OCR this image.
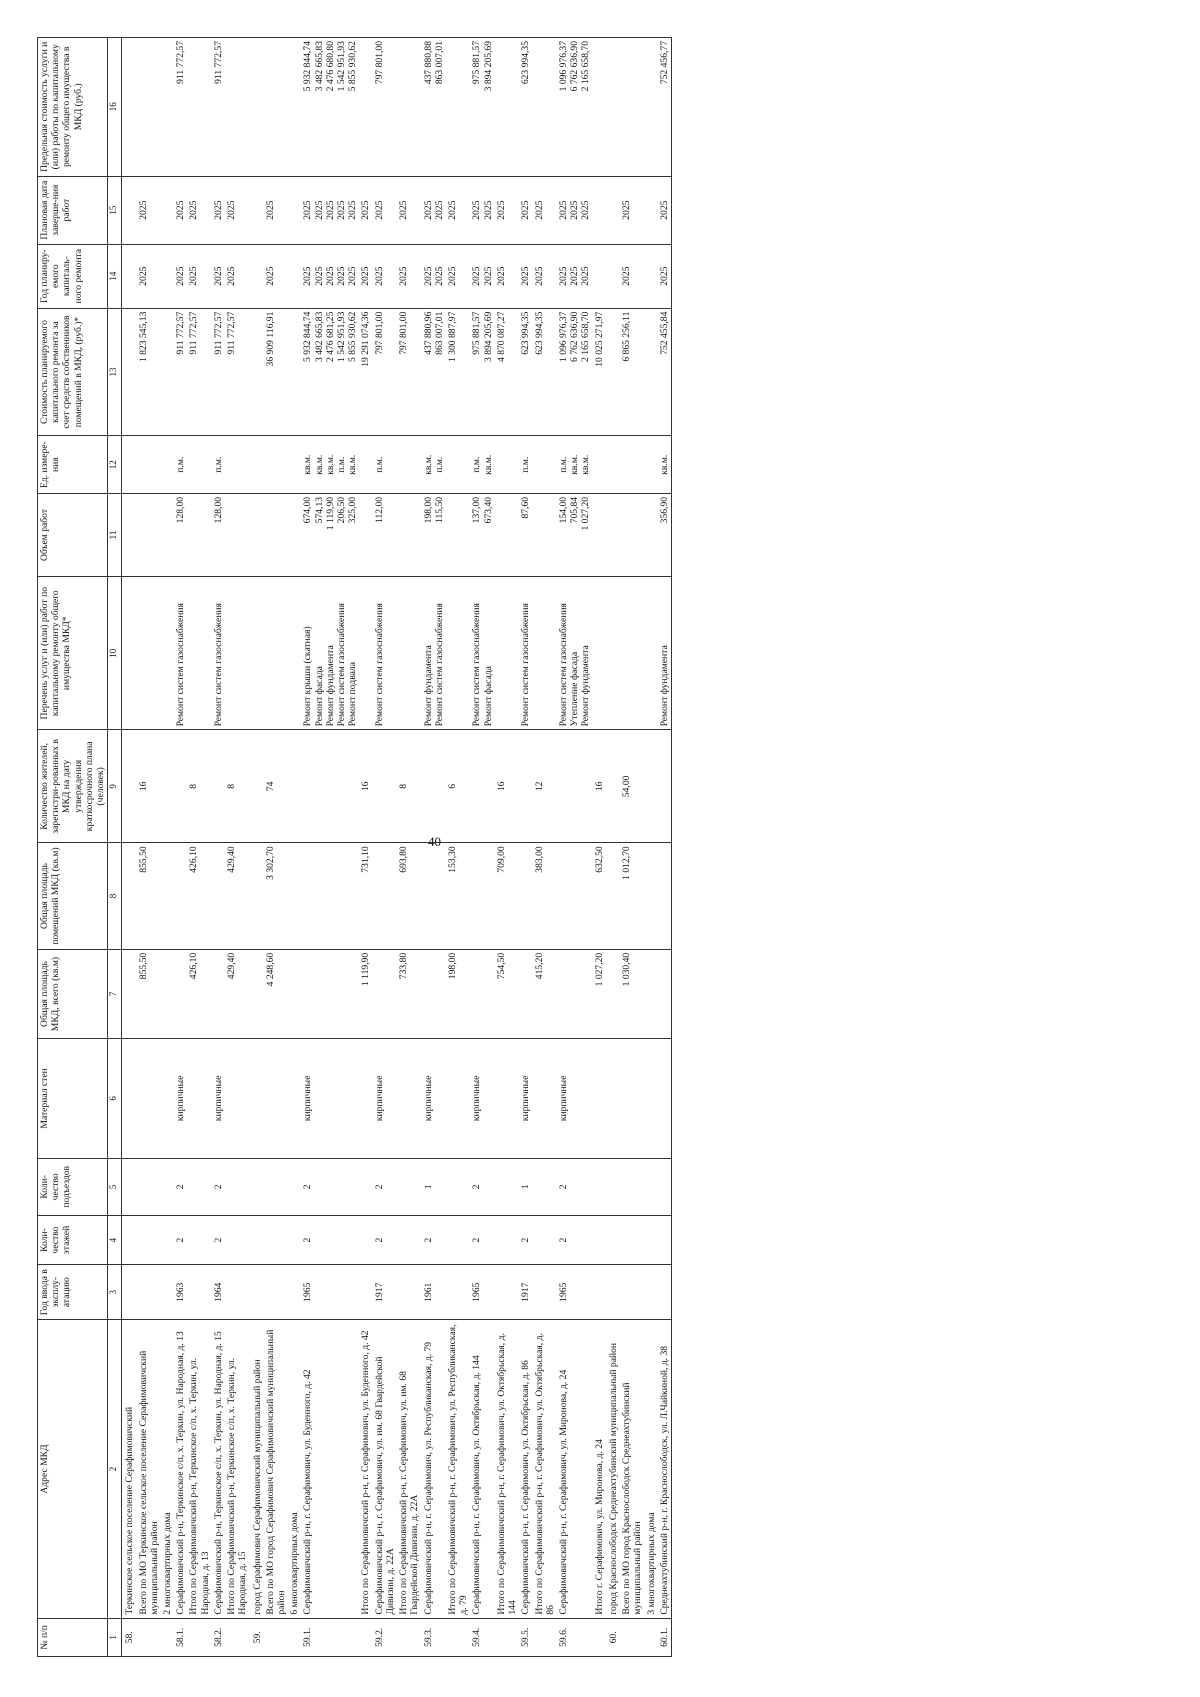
40
№ п/п	Адрес МКД	Год ввода в эксплу-атацию	Коли-чество этажей	Коли-чество подъездов	Материал стен	Общая площадь МКД, всего (кв.м)	Общая площадь помещений МКД (кв.м)	Количество жителей, зарегистри-рованных в МКД на дату утверждения краткосрочного плана (человек)	Перечень услуг и (или) работ по капитальному ремонту общего имущества МКД*	Объем работ	Ед. измере-ния	Стоимость планируемого капитального ремонта за счет средств собственников помещений в МКД, (руб.)*	Год планиру-емого капиталь-ного ремонта	Плановая дата заверше-ния работ	Предельная стоимость услуги и (или) работы по капитальному ремонту общего имущества в МКД (руб.)
1	2	3	4	5	6	7	8	9	10	11	12	13	14	15	16
58.	Теркинское сельское поселение Серафимовичский														
	Всего по МО Теркинское сельское поселение Серафимовичский муниципальный район					855,50	855,50	16				1 823 545,13	2025	2025	
	2 многоквартирных дома														
58.1.	Серафимовичский р-н, Теркинское с/п, х. Теркин, ул. Народная, д. 13	1963	2	2	кирпичные				Ремонт систем газоснабжения	128,00	п.м.	911 772,57	2025	2025	911 772,57

	Итого по Серафимовичский р-н, Теркинское с/п, х. Теркин, ул. Народная, д. 13					426,10	426,10	8				911 772,57	2025	2025	
58.2.	Серафимовичский р-н, Теркинское с/п, х. Теркин, ул. Народная, д. 15	1964	2	2	кирпичные				Ремонт систем газоснабжения	128,00	п.м.	911 772,57	2025	2025	911 772,57

	Итого по Серафимовичский р-н, Теркинское с/п, х. Теркин, ул. Народная, д. 15					429,40	429,40	8				911 772,57	2025	2025	
59.	город Серафимович Серафимовичский муниципальный район														
	Всего по МО город Серафимович Серафимовичский муниципальный район					4 248,60	3 302,70	74				36 909 116,91	2025	2025	
	6 многоквартирных дома														
59.1.	Серафимовичский р-н, г. Серафимович, ул. Буденного, д. 42	1965	2	2	кирпичные				Ремонт крыши (скатная) Ремонт фасада Ремонт фундамента Ремонт систем газоснабжения Ремонт подвала	674,00 574,13 1 119,90 206,50 325,00	кв.м. кв.м. кв.м. п.м. кв.м.	5 932 844,74 3 482 665,83 2 476 681,25 1 542 951,93 5 855 930,62	2025 2025 2025 2025 2025	2025 2025 2025 2025 2025	5 932 844,74 3 482 665,83 2 476 680,80 1 542 951,93 5 855 930,62

	Итого по Серафимовичский р-н, г. Серафимович, ул. Буденного, д. 42					1 119,90	731,10	16				19 291 074,36	2025	2025	
59.2.	Серафимовичский р-н, г. Серафимович, ул. им. 68 Гвардейской Дивизии, д. 22А	1917	2	2	кирпичные				Ремонт систем газоснабжения	112,00	п.м.	797 801,00	2025	2025	797 801,00

	Итого по Серафимовичский р-н, г. Серафимович, ул. им. 68 Гвардейской Дивизии, д. 22А					733,80	693,80	8				797 801,00	2025	2025	
59.3.	Серафимовичский р-н, г. Серафимович, ул. Республиканская, д. 79	1961	2	1	кирпичные				Ремонт фундамента Ремонт систем газоснабжения	198,00 115,50	кв.м. п.м.	437 880,96 863 007,01	2025 2025	2025 2025	437 880,88 863 007,01

	Итого по Серафимовичский р-н, г. Серафимович, ул. Республиканская, д. 79					198,00	153,30	6				1 300 887,97	2025	2025	
59.4.	Серафимовичский р-н, г. Серафимович, ул. Октябрьская, д. 144	1965	2	2	кирпичные				Ремонт систем газоснабжения Ремонт фасада	137,00 673,40	п.м. кв.м.	975 881,57 3 894 205,69	2025 2025	2025 2025	975 881,57 3 894 205,69

	Итого по Серафимовичский р-н, г. Серафимович, ул. Октябрьская, д. 144					754,50	709,00	16				4 870 087,27	2025	2025	
59.5.	Серафимовичский р-н, г. Серафимович, ул. Октябрьская, д. 86	1917	2	1	кирпичные				Ремонт систем газоснабжения	87,60	п.м.	623 994,35	2025	2025	623 994,35

	Итого по Серафимовичский р-н, г. Серафимович, ул. Октябрьская, д. 86					415,20	383,00	12				623 994,35	2025	2025	
59.6.	Серафимовичский р-н, г. Серафимович, ул. Миронова, д. 24	1965	2	2	кирпичные				Ремонт систем газоснабжения Утепление фасада Ремонт фундамента	154,00 705,84 1 027,20	п.м. кв.м. кв.м.	1 096 976,37 6 762 636,90 2 165 658,70	2025 2025 2025	2025 2025 2025	1 096 976,37 6 762 636,90 2 165 658,70

	Итого г. Серафимович, ул. Миронова, д. 24					1 027,20	632,50	16				10 025 271,97			
60.	город Краснослободск Среднеахтубинский муниципальный район														
	Всего по МО город Краснослободск Среднеахтубинский муниципальный район					1 030,40	1 012,70	54,00				6 865 256,11	2025	2025	
	3 многоквартирных дома														
60.1.	Среднеахтубинский р-н, г. Краснослободск, ул. Л.Чайкиной, д. 38								Ремонт фундамента	356,90	кв.м.	752 455,84	2025	2025	752 456,77
